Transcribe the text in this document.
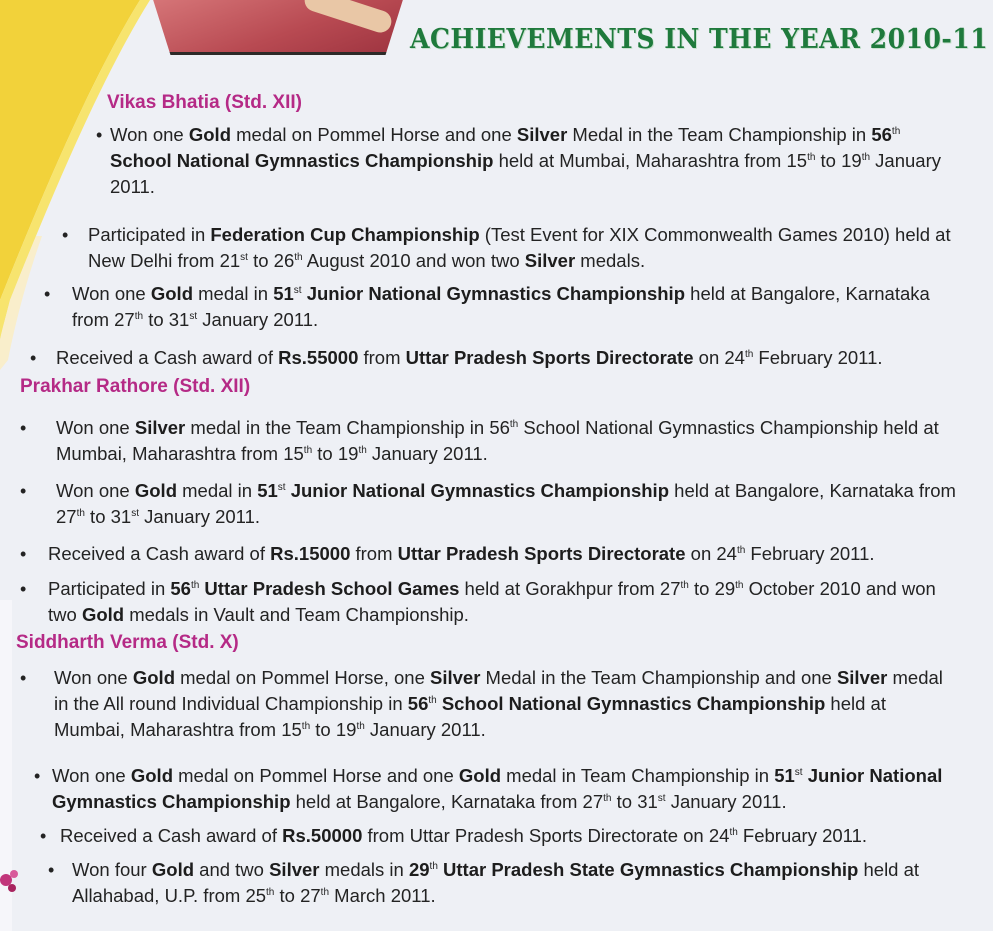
ACHIEVEMENTS IN THE YEAR 2010-11
Vikas Bhatia (Std. XII)
• Won one Gold medal on Pommel Horse and one Silver Medal in the Team Championship in 56th School National Gymnastics Championship held at Mumbai, Maharashtra from 15th to 19th January 2011.
• Participated in Federation Cup Championship (Test Event for XIX Commonwealth Games 2010) held at New Delhi from 21st to 26th August 2010 and won two Silver medals.
• Won one Gold medal in 51st Junior National Gymnastics Championship held at Bangalore, Karnataka from 27th to 31st January 2011.
• Received a Cash award of Rs.55000 from Uttar Pradesh Sports Directorate on 24th February 2011.
Prakhar Rathore (Std. XII)
• Won one Silver medal in the Team Championship in 56th School National Gymnastics Championship held at Mumbai, Maharashtra from 15th to 19th January 2011.
• Won one Gold medal in 51st Junior National Gymnastics Championship held at Bangalore, Karnataka from 27th to 31st January 2011.
• Received a Cash award of Rs.15000 from Uttar Pradesh Sports Directorate on 24th February 2011.
• Participated in 56th Uttar Pradesh School Games held at Gorakhpur from 27th to 29th October 2010 and won two Gold medals in Vault and Team Championship.
Siddharth Verma (Std. X)
• Won one Gold medal on Pommel Horse, one Silver Medal in the Team Championship and one Silver medal in the All round Individual Championship in 56th School National Gymnastics Championship held at Mumbai, Maharashtra from 15th to 19th January 2011.
• Won one Gold medal on Pommel Horse and one Gold medal in Team Championship in 51st Junior National Gymnastics Championship held at Bangalore, Karnataka from 27th to 31st January 2011.
• Received a Cash award of Rs.50000 from Uttar Pradesh Sports Directorate on 24th February 2011.
• Won four Gold and two Silver medals in 29th Uttar Pradesh State Gymnastics Championship held at Allahabad, U.P. from 25th to 27th March 2011.
